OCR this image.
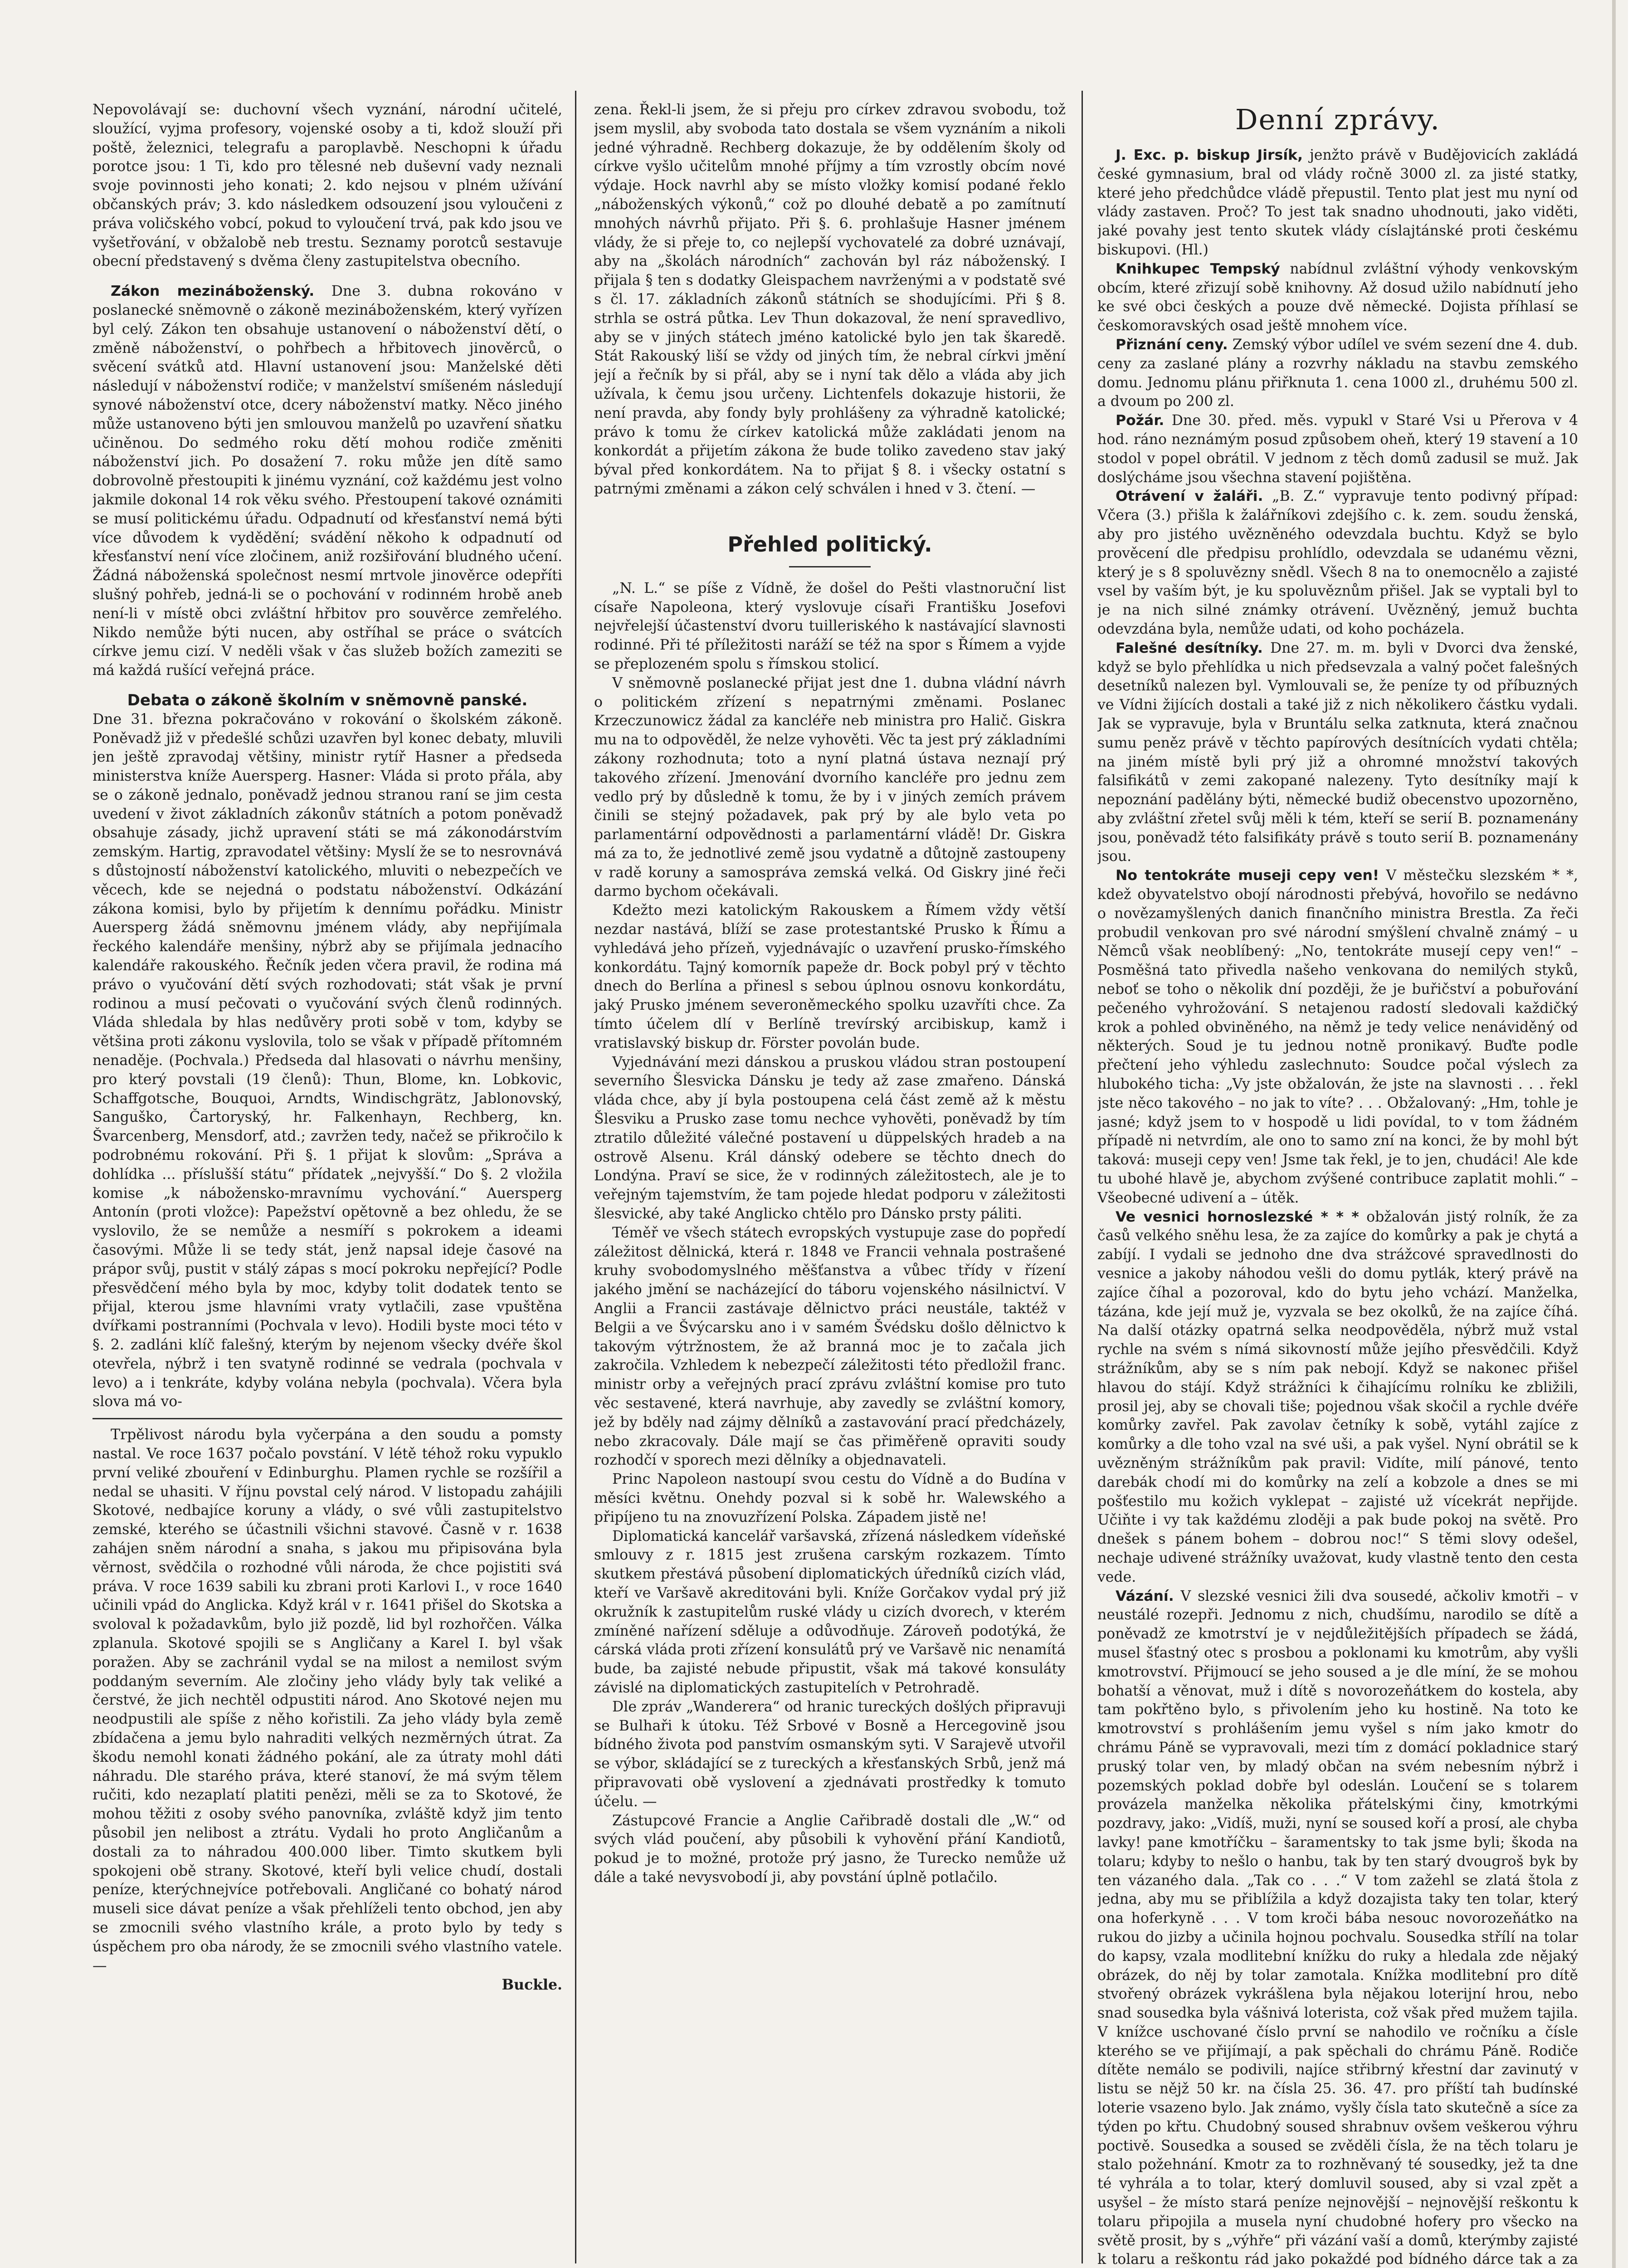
Nepovolávají se: duchovní všech vyznání, národní učitelé, sloužící, vyjma profesory, vojenské osoby a ti, kdož slouží při poště, železnici, telegrafu a paroplavbě. Neschopni k úřadu porotce jsou: 1 Ti, kdo pro tělesné neb duševní vady neznali svoje povinnosti jeho konati; 2. kdo nejsou v plném užívání občanských práv; 3. kdo následkem odsouzení jsou vyloučeni z práva voličského vobcí, pokud to vyloučení trvá, pak kdo jsou ve vyšetřování, v obžalobě neb trestu. Seznamy porotců sestavuje obecní představený s dvěma členy zastupitelstva obecního.

Zákon mezináboženský. Dne 3. dubna rokováno v poslanecké sněmovně o zákoně mezináboženském, který vyřízen byl celý. Zákon ten obsahuje ustanovení o náboženství dětí, o změně náboženství, o pohřbech a hřbitovech jinověrců, o svěcení svátků atd. Hlavní ustanovení jsou: Manželské děti následují v náboženství rodiče; v manželství smíšeném následují synové náboženství otce, dcery náboženství matky. Něco jiného může ustanoveno býti jen smlouvou manželů po uzavření sňatku učiněnou. Do sedmého roku dětí mohou rodiče změniti náboženství jich. Po dosažení 7. roku může jen dítě samo dobrovolně přestoupiti k jinému vyznání, což každému jest volno jakmile dokonal 14 rok věku svého. Přestoupení takové oznámiti se musí politickému úřadu. Odpadnutí od křesťanství nemá býti více důvodem k vydědění; svádění někoho k odpadnutí od křesťanství není více zločinem, aniž rozšiřování bludného učení. Žádná náboženská společnost nesmí mrtvole jinověrce odepříti slušný pohřeb, jedná-li se o pochování v rodinném hrobě aneb není-li v místě obci zvláštní hřbitov pro souvěrce zemřelého. Nikdo nemůže býti nucen, aby ostříhal se práce o svátcích církve jemu cizí. V neděli však v čas služeb božích zameziti se má každá rušící veřejná práce.

Debata o zákoně školním v sněmovně panské.

Dne 31. března pokračováno v rokování o školském zákoně. Poněvadž již v předešlé schůzi uzavřen byl konec debaty, mluvili jen ještě zpravodaj většiny, ministr rytíř Hasner a předseda ministerstva kníže Auersperg. Hasner: Vláda si proto přála, aby se o zákoně jednalo, poněvadž jednou stranou raní se jim cesta uvedení v život základních zákonův státních a potom poněvadž obsahuje zásady, jichž upravení státi se má zákonodárstvím zemským. Hartig, zpravodatel většiny: Myslí že se to nesrovnává s důstojností náboženství katolického, mluviti o nebezpečích ve věcech, kde se nejedná o podstatu náboženství. Odkázání zákona komisi, bylo by přijetím k dennímu pořádku. Ministr Auersperg žádá sněmovnu jménem vlády, aby nepřijímala řeckého kalendáře menšiny, nýbrž aby se přijímala jednacího kalendáře rakouského. Řečník jeden včera pravil, že rodina má právo o vyučování dětí svých rozhodovati; stát však je první rodinou a musí pečovati o vyučování svých členů rodinných. Vláda shledala by hlas nedůvěry proti sobě v tom, kdyby se většina proti zákonu vyslovila, tolo se však v případě přítomném nenaděje. (Pochvala.) Předseda dal hlasovati o návrhu menšiny, pro který povstali (19 členů): Thun, Blome, kn. Lobkovic, Schaffgotsche, Bouquoi, Arndts, Windischgrätz, Jablonovský, Sanguško, Čartoryský, hr. Falkenhayn, Rechberg, kn. Švarcenberg, Mensdorf, atd.; zavržen tedy, načež se přikročilo k podrobnému rokování. Při §. 1 přijat k slovům: „Správa a dohlídka ... příslušší státu“ přídatek „nejvyšší.“ Do §. 2 vložila komise „k nábožensko-mravnímu vychování.“ Auersperg Antonín (proti vložce): Papežství opětovně a bez ohledu, že se vyslovilo, že se nemůže a nesmíří s pokrokem a ideami časovými. Může li se tedy stát, jenž napsal ideje časové na prápor svůj, pustit v stálý zápas s mocí pokroku nepřející? Podle přesvědčení mého byla by moc, kdyby tolit dodatek tento se přijal, kterou jsme hlavními vraty vytlačili, zase vpuštěna dvířkami postranními (Pochvala v levo). Hodili byste moci této v §. 2. zadláni klíč falešný, kterým by nejenom všecky dvéře škol otevřela, nýbrž i ten svatyně rodinné se vedrala (pochvala v levo) a i tenkráte, kdyby volána nebyla (pochvala). Včera byla slova má vo-

Trpělivost národu byla vyčerpána a den soudu a pomsty nastal. Ve roce 1637 počalo povstání. V létě téhož roku vypuklo první veliké zbouření v Edinburghu. Plamen rychle se rozšířil a nedal se uhasiti. V říjnu povstal celý národ. V listopadu zahájili Skotové, nedbajíce koruny a vlády, o své vůli zastupitelstvo zemské, kterého se účastnili všichni stavové. Časně v r. 1638 zahájen sněm národní a snaha, s jakou mu připisována byla věrnost, svědčila o rozhodné vůli národa, že chce pojistiti svá práva. V roce 1639 sabili ku zbrani proti Karlovi I., v roce 1640 učinili vpád do Anglicka. Když král v r. 1641 přišel do Skotska a svoloval k požadavkům, bylo již pozdě, lid byl rozhořčen. Válka zplanula. Skotové spojili se s Angličany a Karel I. byl však poražen. Aby se zachránil vydal se na milost a nemilost svým poddaným severním. Ale zločiny jeho vlády byly tak veliké a čerstvé, že jich nechtěl odpustiti národ. Ano Skotové nejen mu neodpustili ale spíše z něho kořistili. Za jeho vlády byla země zbídačena a jemu bylo nahraditi velkých nezměrných útrat. Za škodu nemohl konati žádného pokání, ale za útraty mohl dáti náhradu. Dle starého práva, které stanoví, že má svým tělem ručiti, kdo nezaplatí platiti penězi, měli se za to Skotové, že mohou těžiti z osoby svého panovníka, zvláště když jim tento působil jen nelibost a ztrátu. Vydali ho proto Angličanům a dostali za to náhradou 400.000 liber. Timto skutkem byli spokojeni obě strany. Skotové, kteří byli velice chudí, dostali peníze, kterýchnejvíce potřebovali. Angličané co bohatý národ museli sice dávat peníze a však přehlíželi tento obchod, jen aby se zmocnili svého vlastního krále, a proto bylo by tedy s úspěchem pro oba národy, že se zmocnili svého vlastního vatele. —

Buckle.

zena. Řekl-li jsem, že si přeju pro církev zdravou svobodu, tož jsem myslil, aby svoboda tato dostala se všem vyznáním a nikoli jedné výhradně. Rechberg dokazuje, že by oddělením školy od církve vyšlo učitelům mnohé příjmy a tím vzrostly obcím nové výdaje. Hock navrhl aby se místo vložky komisí podané řeklo „náboženských výkonů,“ což po dlouhé debatě a po zamítnutí mnohých návrhů přijato. Při §. 6. prohlašuje Hasner jménem vlády, že si přeje to, co nejlepší vychovatelé za dobré uznávají, aby na „školách národních“ zachován byl ráz náboženský. I přijala § ten s dodatky Gleispachem navrženými a v podstatě své s čl. 17. základních zákonů státních se shodujícími. Při § 8. strhla se ostrá půtka. Lev Thun dokazoval, že není spravedlivo, aby se v jiných státech jméno katolické bylo jen tak škaredě. Stát Rakouský liší se vždy od jiných tím, že nebral církvi jmění její a řečník by si přál, aby se i nyní tak dělo a vláda aby jich užívala, k čemu jsou určeny. Lichtenfels dokazuje historii, že není pravda, aby fondy byly prohlášeny za výhradně katolické; právo k tomu že církev katolická může zakládati jenom na konkordát a přijetím zákona že bude toliko zavedeno stav jaký býval před konkordátem. Na to přijat § 8. i všecky ostatní s patrnými změnami a zákon celý schválen i hned v 3. čtení. —

Přehled politický.

„N. L.“ se píše z Vídně, že došel do Pešti vlastnoruční list císaře Napoleona, který vyslovuje císaři Františku Josefovi nejvřelejší účastenství dvoru tuilleriského k nastávající slavnosti rodinné. Při té příležitosti naráží se též na spor s Římem a vyjde se přeplozeném spolu s římskou stolicí.

V sněmovně poslanecké přijat jest dne 1. dubna vládní návrh o politickém zřízení s nepatrnými změnami. Poslanec Krzeczunowicz žádal za kancléře neb ministra pro Halič. Giskra mu na to odpověděl, že nelze vyhověti. Věc ta jest prý základními zákony rozhodnuta; toto a nyní platná ústava neznají prý takového zřízení. Jmenování dvorního kancléře pro jednu zem vedlo prý by důsledně k tomu, že by i v jiných zemích právem činili se stejný požadavek, pak prý by ale bylo veta po parlamentární odpovědnosti a parlamentární vládě! Dr. Giskra má za to, že jednotlivé země jsou vydatně a důtojně zastoupeny v radě koruny a samospráva zemská velká. Od Giskry jiné řeči darmo bychom očekávali.

Kdežto mezi katolickým Rakouskem a Římem vždy větší nezdar nastává, blíží se zase protestantské Prusko k Římu a vyhledává jeho přízeň, vyjednávajíc o uzavření prusko-římského konkordátu. Tajný komorník papeže dr. Bock pobyl prý v těchto dnech do Berlína a přinesl s sebou úplnou osnovu konkordátu, jaký Prusko jménem severoněmeckého spolku uzavříti chce. Za tímto účelem dlí v Berlíně trevírský arcibiskup, kamž i vratislavský biskup dr. Förster povolán bude.

Vyjednávání mezi dánskou a pruskou vládou stran postoupení severního Šlesvicka Dánsku je tedy až zase zmařeno. Dánská vláda chce, aby jí byla postoupena celá část země až k městu Šlesviku a Prusko zase tomu nechce vyhověti, poněvadž by tím ztratilo důležité válečné postavení u düppelských hradeb a na ostrově Alsenu. Král dánský odebere se těchto dnech do Londýna. Praví se sice, že v rodinných záležitostech, ale je to veřejným tajemstvím, že tam pojede hledat podporu v záležitosti šlesvické, aby také Anglicko chtělo pro Dánsko prsty páliti.

Téměř ve všech státech evropských vystupuje zase do popředí záležitost dělnická, která r. 1848 ve Francii vehnala postrašené kruhy svobodomyslného měšťanstva a vůbec třídy v řízení jakého jmění se nacházející do táboru vojenského násilnictví. V Anglii a Francii zastávaje dělnictvo práci neustále, taktéž v Belgii a ve Švýcarsku ano i v samém Švédsku došlo dělnictvo k takovým výtržnostem, že až branná moc je to začala jich zakročila. Vzhledem k nebezpečí záležitosti této předložil franc. ministr orby a veřejných prací zprávu zvláštní komise pro tuto věc sestavené, která navrhuje, aby zavedly se zvláštní komory, jež by bděly nad zájmy dělníků a zastavování prací předcházely, nebo zkracovaly. Dále mají se čas přiměřeně opraviti soudy rozhodčí v sporech mezi dělníky a objednavateli.

Princ Napoleon nastoupí svou cestu do Vídně a do Budína v měsíci květnu. Onehdy pozval si k sobě hr. Walewského a připíjeno tu na znovuzřízení Polska. Západem jistě ne!

Diplomatická kancelář varšavská, zřízená následkem vídeňské smlouvy z r. 1815 jest zrušena carským rozkazem. Tímto skutkem přestává působení diplomatických úředníků cizích vlád, kteří ve Varšavě akreditováni byli. Kníže Gorčakov vydal prý již okružník k zastupitelům ruské vlády u cizích dvorech, v kterém zmíněné nařízení sděluje a odůvodňuje. Zároveň podotýká, že cárská vláda proti zřízení konsulátů prý ve Varšavě nic nenamítá bude, ba zajisté nebude připustit, však má takové konsuláty závislé na diplomatických zastupitelích v Petrohradě.

Dle zpráv „Wanderera“ od hranic tureckých došlých připravuji se Bulhaři k útoku. Též Srbové v Bosně a Hercegovině jsou bídného života pod panstvím osmanským syti. V Sarajevě utvořil se výbor, skládající se z tureckých a křesťanských Srbů, jenž má připravovati obě vyslovení a zjednávati prostředky k tomuto účelu. —

Zástupcové Francie a Anglie Cařibradě dostali dle „W.“ od svých vlád poučení, aby působili k vyhovění přání Kandiotů, pokud je to možné, protože prý jasno, že Turecko nemůže už dále a také nevysvobodí ji, aby povstání úplně potlačilo.

Denní zprávy.

J. Exc. p. biskup Jirsík, jenžto právě v Budějovicích zakládá české gymnasium, bral od vlády ročně 3000 zl. za jisté statky, které jeho předchůdce vládě přepustil. Tento plat jest mu nyní od vlády zastaven. Proč? To jest tak snadno uhodnouti, jako viděti, jaké povahy jest tento skutek vlády císlajtánské proti českému biskupovi. (Hl.)

Knihkupec Tempský nabídnul zvláštní výhody venkovským obcím, které zřizují sobě knihovny. Až dosud užilo nabídnutí jeho ke své obci českých a pouze dvě německé. Dojista příhlasí se českomoravských osad ještě mnohem více.

Přiznání ceny. Zemský výbor udílel ve svém sezení dne 4. dub. ceny za zaslané plány a rozvrhy nákladu na stavbu zemského domu. Jednomu plánu přiřknuta 1. cena 1000 zl., druhému 500 zl. a dvoum po 200 zl.

Požár. Dne 30. před. měs. vypukl v Staré Vsi u Přerova v 4 hod. ráno neznámým posud způsobem oheň, který 19 stavení a 10 stodol v popel obrátil. V jednom z těch domů zadusil se muž. Jak doslýcháme jsou všechna stavení pojištěna.

Otrávení v žaláři. „B. Z.“ vypravuje tento podivný případ: Včera (3.) přišla k žalářníkovi zdejšího c. k. zem. soudu ženská, aby pro jistého uvězněného odevzdala buchtu. Když se bylo prověcení dle předpisu prohlídlo, odevzdala se udanému vězni, který je s 8 spoluvězny snědl. Všech 8 na to onemocnělo a zajisté vsel by vaším být, je ku spoluvěznům přišel. Jak se vyptali byl to je na nich silné známky otrávení. Uvězněný, jemuž buchta odevzdána byla, nemůže udati, od koho pocházela.

Falešné desítníky. Dne 27. m. m. byli v Dvorci dva ženské, když se bylo přehlídka u nich předsevzala a valný počet falešných desetníků nalezen byl. Vymlouvali se, že peníze ty od příbuzných ve Vídni žijících dostali a také již z nich několikero částku vydali. Jak se vypravuje, byla v Bruntálu selka zatknuta, která značnou sumu peněz právě v těchto papírových desítnících vydati chtěla; na jiném místě byli prý již a ohromné množství takových falsifikátů v zemi zakopané nalezeny. Tyto desítníky mají k nepoznání padělány býti, německé budiž obecenstvo upozorněno, aby zvláštní zřetel svůj měli k tém, kteří se serií B. poznamenány jsou, poněvadž této falsifikáty právě s touto serií B. poznamenány jsou.

No tentokráte museji cepy ven! V městečku slezském * *, kdež obyvatelstvo obojí národnosti přebývá, hovořilo se nedávno o novězamyšlených danich finančního ministra Brestla. Za řeči probudil venkovan pro své národní smýšlení chvalně známý – u Němců však neoblíbený: „No, tentokráte musejí cepy ven!“ – Posměšná tato přivedla našeho venkovana do nemilých styků, neboť se toho o několik dní později, že je buřičství a pobuřování pečeného vyhrožování. S netajenou radostí sledovali každičký krok a pohled obviněného, na němž je tedy velice nenáviděný od některých. Soud je tu jednou notně pronikavý. Buďte podle přečtení jeho výhledu zaslechnuto: Soudce počal výslech za hlubokého ticha: „Vy jste obžalován, že jste na slavnosti . . . řekl jste něco takového – no jak to víte? . . . Obžalovaný: „Hm, tohle je jasné; když jsem to v hospodě u lidi povídal, to v tom žádném případě ni netvrdím, ale ono to samo zní na konci, že by mohl být taková: museji cepy ven! Jsme tak řekl, je to jen, chudáci! Ale kde tu ubohé hlavě je, abychom zvýšené contribuce zaplatit mohli.“ – Všeobecné udivení a – útěk.

Ve vesnici hornoslezské * * * obžalován jistý rolník, že za časů velkého sněhu lesa, že za zajíce do komůrky a pak je chytá a zabíjí. I vydali se jednoho dne dva strážcové spravedlnosti do vesnice a jakoby náhodou vešli do domu pytlák, který právě na zajíce číhal a pozoroval, kdo do bytu jeho vchází. Manželka, tázána, kde její muž je, vyzvala se bez okolků, že na zajíce číhá. Na další otázky opatrná selka neodpověděla, nýbrž muž vstal rychle na svém s nímá sikovností může jejího přesvědčili. Když strážníkům, aby se s ním pak nebojí. Když se nakonec přišel hlavou do stájí. Když strážníci k čihajícímu rolníku ke zbližili, prosil jej, aby se chovali tiše; pojednou však skočil a rychle dvéře komůrky zavřel. Pak zavolav četníky k sobě, vytáhl zajíce z komůrky a dle toho vzal na své uši, a pak vyšel. Nyní obrátil se k uvězněným strážníkům pak pravil: Vidíte, milí pánové, tento darebák chodí mi do komůrky na zelí a kobzole a dnes se mi pošťestilo mu kožich vyklepat – zajisté už vícekrát nepřijde. Učiňte i vy tak každému zloději a pak bude pokoj na světě. Pro dnešek s pánem bohem – dobrou noc!“ S těmi slovy odešel, nechaje udivené strážníky uvažovat, kudy vlastně tento den cesta vede.

Vázání. V slezské vesnici žili dva sousedé, ačkoliv kmotři – v neustálé rozepři. Jednomu z nich, chudšímu, narodilo se dítě a poněvadž ze kmotrství je v nejdůležitějších případech se žádá, musel šťastný otec s prosbou a poklonami ku kmotrům, aby vyšli kmotrovství. Přijmoucí se jeho soused a je dle míní, že se mohou bohatší a věnovat, muž i dítě s novorozeňátkem do kostela, aby tam pokřtěno bylo, s přivolením jeho ku hostině. Na toto ke kmotrovství s prohlášením jemu vyšel s ním jako kmotr do chrámu Páně se vypravovali, mezi tím z domácí pokladnice starý pruský tolar ven, by mladý občan na svém nebesním nýbrž i pozemských poklad dobře byl odeslán. Loučení se s tolarem provázela manželka několika přátelskými činy, kmotrkými pozdravy, jako: „Vidíš, muži, nyní se soused koří a prosí, ale chyba lavky! pane kmotříčku – šaramentsky to tak jsme byli; škoda na tolaru; kdyby to nešlo o hanbu, tak by ten starý dvougroš byk by ten vázaného dala. „Tak co . . .“ V tom zažehl se zlatá štola z jedna, aby mu se přiblížila a když dozajista taky ten tolar, který ona hoferkyně . . . V tom kroči bába nesouc novorozeňátko na rukou do jizby a učinila hojnou pochvalu. Sousedka střílí na tolar do kapsy, vzala modlitební knížku do ruky a hledala zde nějaký obrázek, do něj by tolar zamotala. Knížka modlitební pro dítě stvořený obrázek vykrášlena byla nějakou loterijní hrou, nebo snad sousedka byla vášnivá loterista, což však před mužem tajila. V knížce uschované číslo první se nahodilo ve ročníku a čísle kterého se ve přijímají, a pak spěchali do chrámu Páně. Rodiče dítěte nemálo se podivili, najíce střibrný křestní dar zavinutý v listu se nějž 50 kr. na čísla 25. 36. 47. pro příští tah budínské loterie vsazeno bylo. Jak známo, vyšly čísla tato skutečně a síce za týden po křtu. Chudobný soused shrabnuv ovšem veškerou výhru poctivě. Sousedka a soused se zvěděli čísla, že na těch tolaru je stalo požehnání. Kmotr za to rozhněvaný té sousedky, jež ta dne té vyhrála a to tolar, který domluvil soused, aby si vzal zpět a usyšel – že místo stará peníze nejnovější – nejnovější reškontu k tolaru připojila a musela nyní chudobné hofery pro všecko na světě prosit, by s „výhře“ při vázání vaší a domů, kterýmby zajisté k tolaru a reškontu rád jako pokaždé pod bídného dárce tak a za
